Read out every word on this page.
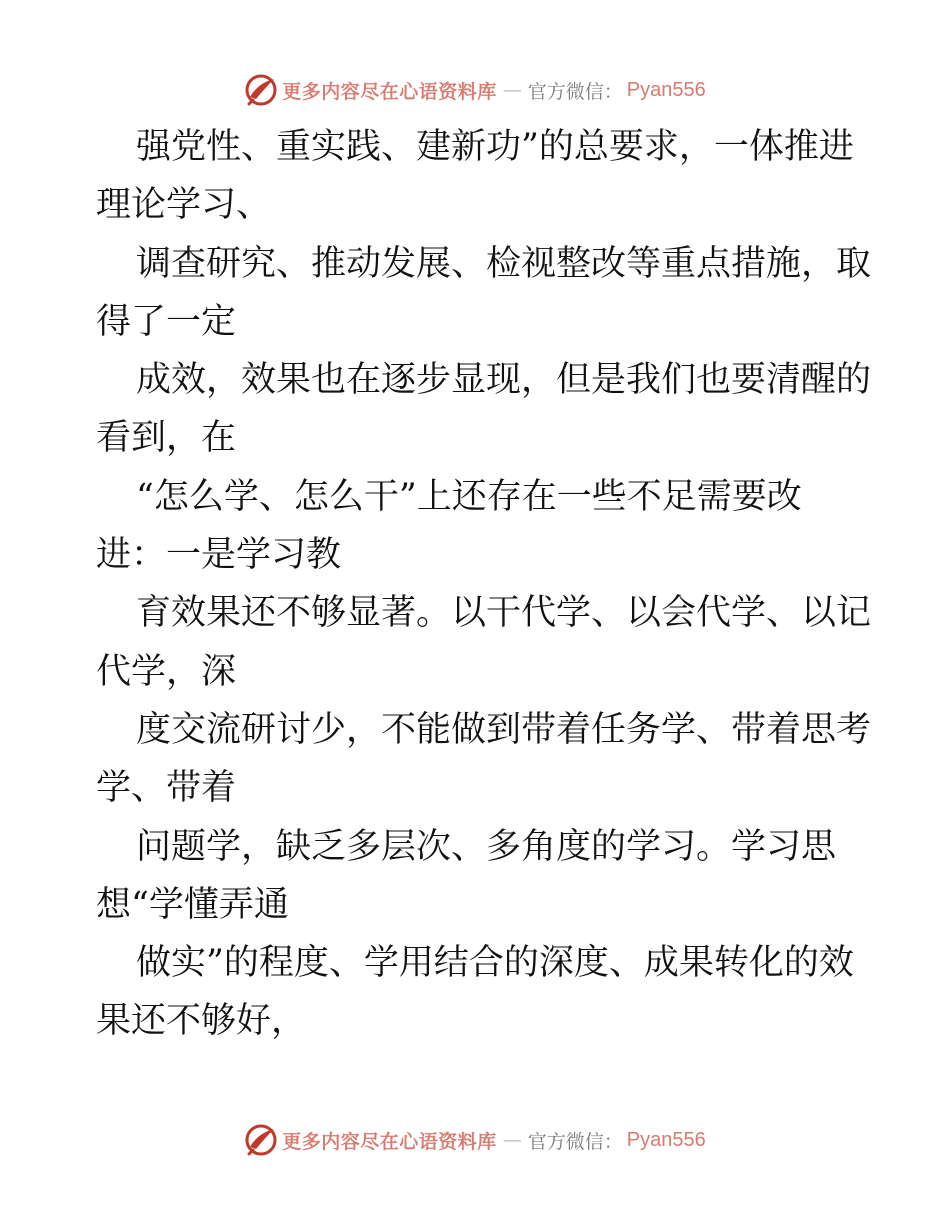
更多内容尽在心语资料库 — 官方微信： Pyan556
强党性、重实践、建新功”的总要求，一体推进
理论学习、
调查研究、推动发展、检视整改等重点措施，取
得了一定
成效，效果也在逐步显现，但是我们也要清醒的
看到，在
“怎么学、怎么干”上还存在一些不足需要改
进：一是学习教
育效果还不够显著。以干代学、以会代学、以记
代学，深
度交流研讨少，不能做到带着任务学、带着思考
学、带着
问题学，缺乏多层次、多角度的学习。学习思
想“学懂弄通
做实”的程度、学用结合的深度、成果转化的效
果还不够好，
更多内容尽在心语资料库 — 官方微信： Pyan556
